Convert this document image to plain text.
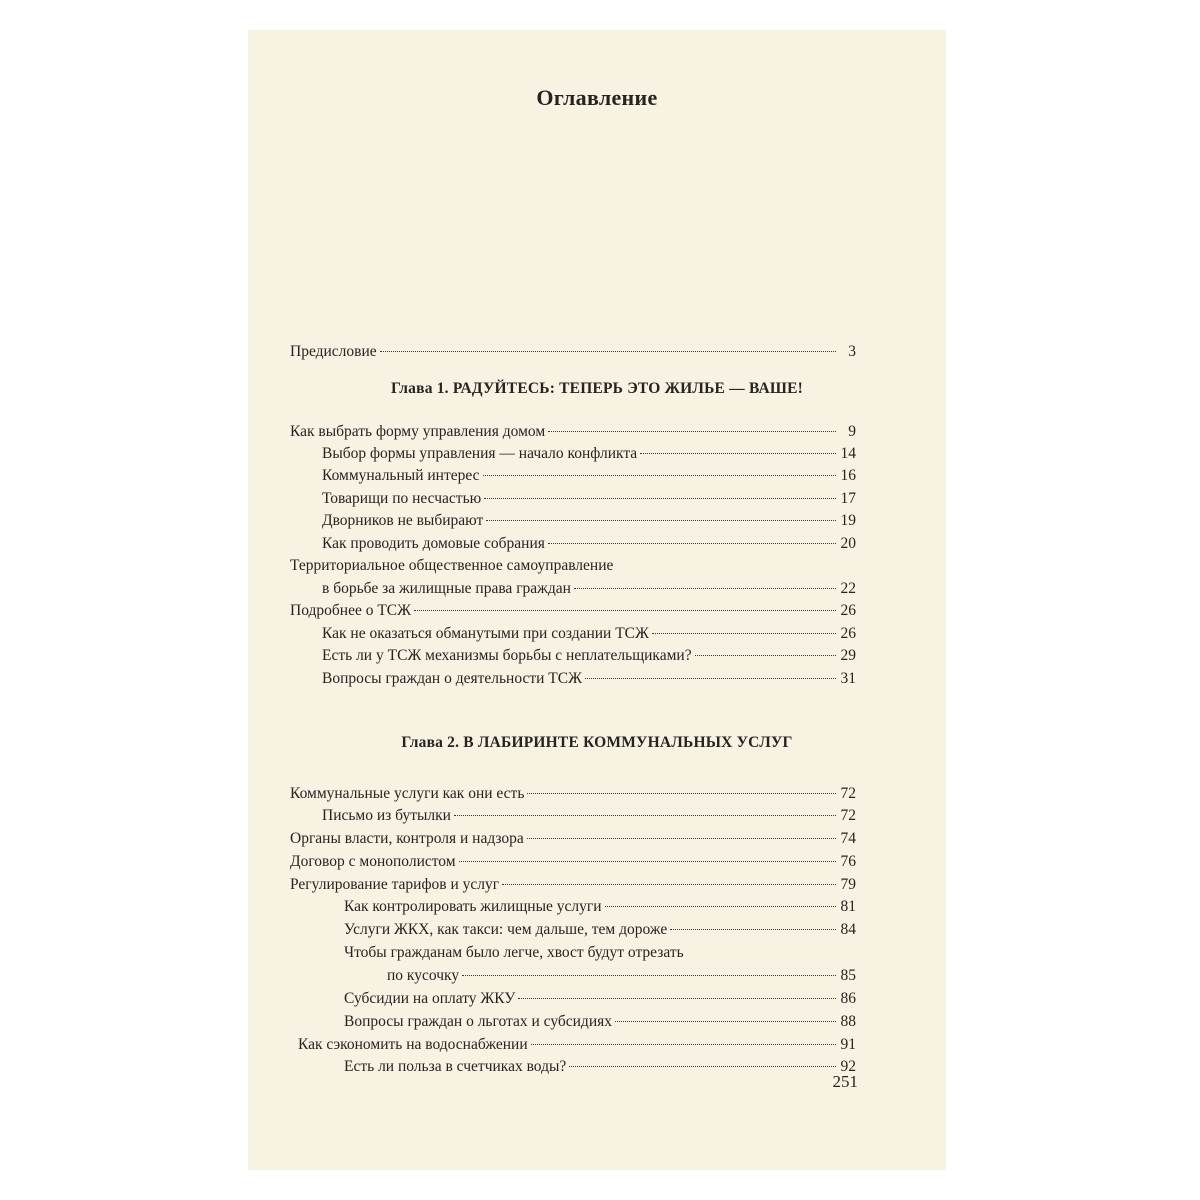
Оглавление
Предисловие	3
Глава 1. РАДУЙТЕСЬ: ТЕПЕРЬ ЭТО ЖИЛЬЕ — ВАШЕ!
Как выбрать форму управления домом	9
Выбор формы управления — начало конфликта	14
Коммунальный интерес	16
Товарищи по несчастью	17
Дворников не выбирают	19
Как проводить домовые собрания	20
Территориальное общественное самоуправление
в борьбе за жилищные права граждан	22
Подробнее о ТСЖ	26
Как не оказаться обманутыми при создании ТСЖ	26
Есть ли у ТСЖ механизмы борьбы с неплательщиками?	29
Вопросы граждан о деятельности ТСЖ	31
Глава 2. В ЛАБИРИНТЕ КОММУНАЛЬНЫХ УСЛУГ
Коммунальные услуги как они есть	72
Письмо из бутылки	72
Органы власти, контроля и надзора	74
Договор с монополистом	76
Регулирование тарифов и услуг	79
Как контролировать жилищные услуги	81
Услуги ЖКХ, как такси: чем дальше, тем дороже	84
Чтобы гражданам было легче, хвост будут отрезать
по кусочку	85
Субсидии на оплату ЖКУ	86
Вопросы граждан о льготах и субсидиях	88
Как сэкономить на водоснабжении	91
Есть ли польза в счетчиках воды?	92
251
